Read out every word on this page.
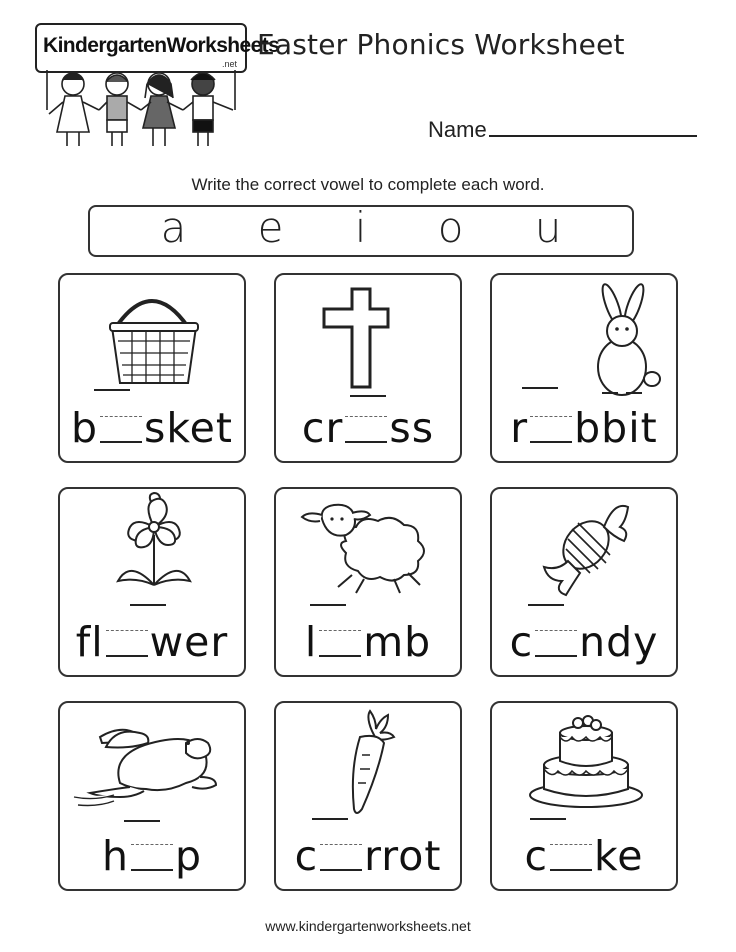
KindergartenWorksheets
.net
Easter Phonics Worksheet
Name
Write the correct vowel to complete each word.
a e i o u
b sket	cr ss	r bbit
fl wer	l mb	c ndy
h p	c rrot	c ke
www.kindergartenworksheets.net
